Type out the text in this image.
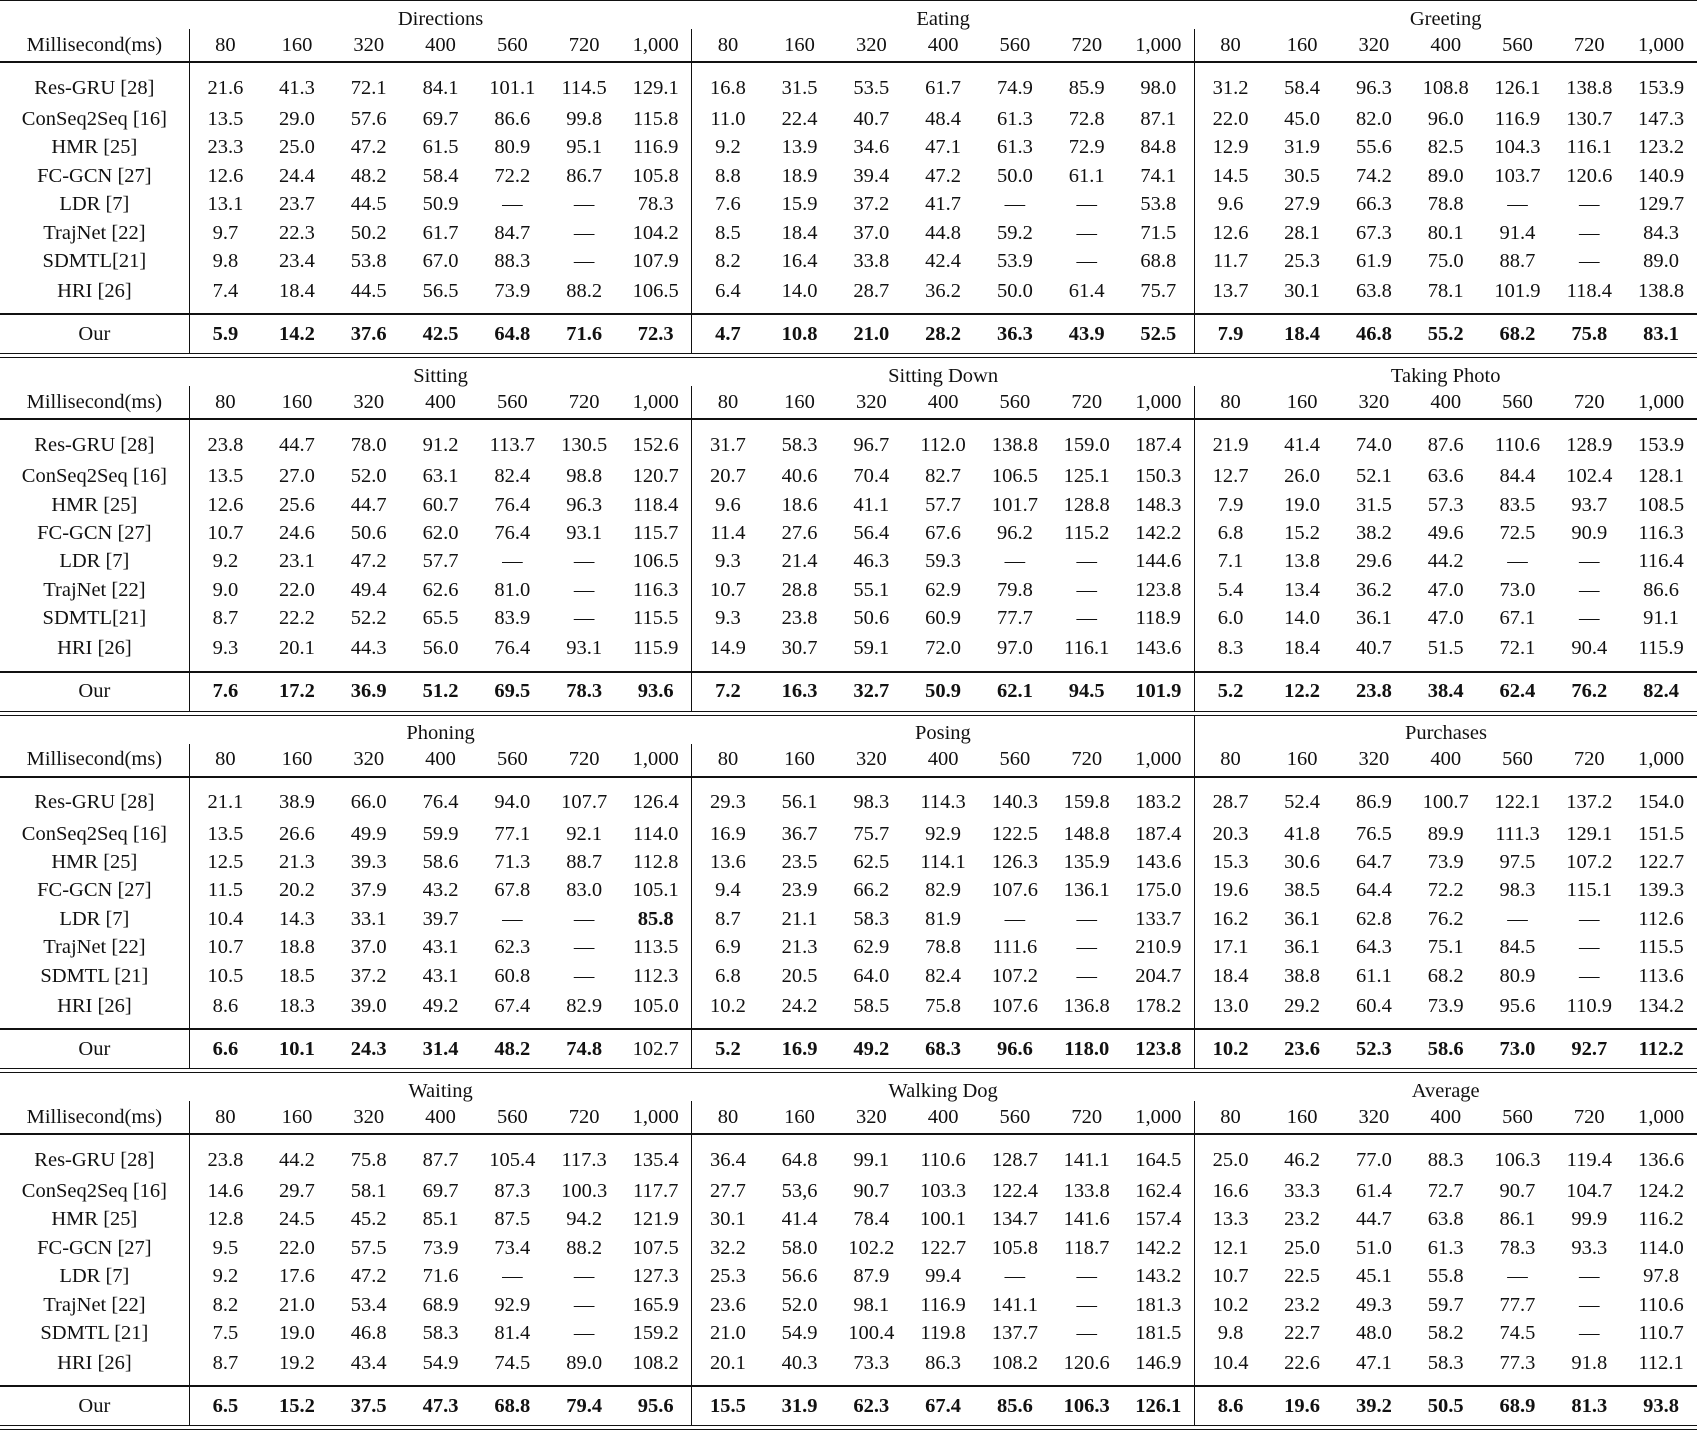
	Directions							Eating							Greeting						
Millisecond(ms)	80	160	320	400	560	720	1,000	80	160	320	400	560	720	1,000	80	160	320	400	560	720	1,000
Res-GRU [28]	21.6	41.3	72.1	84.1	101.1	114.5	129.1	16.8	31.5	53.5	61.7	74.9	85.9	98.0	31.2	58.4	96.3	108.8	126.1	138.8	153.9
ConSeq2Seq [16]	13.5	29.0	57.6	69.7	86.6	99.8	115.8	11.0	22.4	40.7	48.4	61.3	72.8	87.1	22.0	45.0	82.0	96.0	116.9	130.7	147.3
HMR [25]	23.3	25.0	47.2	61.5	80.9	95.1	116.9	9.2	13.9	34.6	47.1	61.3	72.9	84.8	12.9	31.9	55.6	82.5	104.3	116.1	123.2
FC-GCN [27]	12.6	24.4	48.2	58.4	72.2	86.7	105.8	8.8	18.9	39.4	47.2	50.0	61.1	74.1	14.5	30.5	74.2	89.0	103.7	120.6	140.9
LDR [7]	13.1	23.7	44.5	50.9	—	—	78.3	7.6	15.9	37.2	41.7	—	—	53.8	9.6	27.9	66.3	78.8	—	—	129.7
TrajNet [22]	9.7	22.3	50.2	61.7	84.7	—	104.2	8.5	18.4	37.0	44.8	59.2	—	71.5	12.6	28.1	67.3	80.1	91.4	—	84.3
SDMTL[21]	9.8	23.4	53.8	67.0	88.3	—	107.9	8.2	16.4	33.8	42.4	53.9	—	68.8	11.7	25.3	61.9	75.0	88.7	—	89.0
HRI [26]	7.4	18.4	44.5	56.5	73.9	88.2	106.5	6.4	14.0	28.7	36.2	50.0	61.4	75.7	13.7	30.1	63.8	78.1	101.9	118.4	138.8
Our	5.9	14.2	37.6	42.5	64.8	71.6	72.3	4.7	10.8	21.0	28.2	36.3	43.9	52.5	7.9	18.4	46.8	55.2	68.2	75.8	83.1

	Sitting							Sitting Down							Taking Photo						
Millisecond(ms)	80	160	320	400	560	720	1,000	80	160	320	400	560	720	1,000	80	160	320	400	560	720	1,000
Res-GRU [28]	23.8	44.7	78.0	91.2	113.7	130.5	152.6	31.7	58.3	96.7	112.0	138.8	159.0	187.4	21.9	41.4	74.0	87.6	110.6	128.9	153.9
ConSeq2Seq [16]	13.5	27.0	52.0	63.1	82.4	98.8	120.7	20.7	40.6	70.4	82.7	106.5	125.1	150.3	12.7	26.0	52.1	63.6	84.4	102.4	128.1
HMR [25]	12.6	25.6	44.7	60.7	76.4	96.3	118.4	9.6	18.6	41.1	57.7	101.7	128.8	148.3	7.9	19.0	31.5	57.3	83.5	93.7	108.5
FC-GCN [27]	10.7	24.6	50.6	62.0	76.4	93.1	115.7	11.4	27.6	56.4	67.6	96.2	115.2	142.2	6.8	15.2	38.2	49.6	72.5	90.9	116.3
LDR [7]	9.2	23.1	47.2	57.7	—	—	106.5	9.3	21.4	46.3	59.3	—	—	144.6	7.1	13.8	29.6	44.2	—	—	116.4
TrajNet [22]	9.0	22.0	49.4	62.6	81.0	—	116.3	10.7	28.8	55.1	62.9	79.8	—	123.8	5.4	13.4	36.2	47.0	73.0	—	86.6
SDMTL[21]	8.7	22.2	52.2	65.5	83.9	—	115.5	9.3	23.8	50.6	60.9	77.7	—	118.9	6.0	14.0	36.1	47.0	67.1	—	91.1
HRI [26]	9.3	20.1	44.3	56.0	76.4	93.1	115.9	14.9	30.7	59.1	72.0	97.0	116.1	143.6	8.3	18.4	40.7	51.5	72.1	90.4	115.9
Our	7.6	17.2	36.9	51.2	69.5	78.3	93.6	7.2	16.3	32.7	50.9	62.1	94.5	101.9	5.2	12.2	23.8	38.4	62.4	76.2	82.4

	Phoning							Posing							Purchases						
Millisecond(ms)	80	160	320	400	560	720	1,000	80	160	320	400	560	720	1,000	80	160	320	400	560	720	1,000
Res-GRU [28]	21.1	38.9	66.0	76.4	94.0	107.7	126.4	29.3	56.1	98.3	114.3	140.3	159.8	183.2	28.7	52.4	86.9	100.7	122.1	137.2	154.0
ConSeq2Seq [16]	13.5	26.6	49.9	59.9	77.1	92.1	114.0	16.9	36.7	75.7	92.9	122.5	148.8	187.4	20.3	41.8	76.5	89.9	111.3	129.1	151.5
HMR [25]	12.5	21.3	39.3	58.6	71.3	88.7	112.8	13.6	23.5	62.5	114.1	126.3	135.9	143.6	15.3	30.6	64.7	73.9	97.5	107.2	122.7
FC-GCN [27]	11.5	20.2	37.9	43.2	67.8	83.0	105.1	9.4	23.9	66.2	82.9	107.6	136.1	175.0	19.6	38.5	64.4	72.2	98.3	115.1	139.3
LDR [7]	10.4	14.3	33.1	39.7	—	—	85.8	8.7	21.1	58.3	81.9	—	—	133.7	16.2	36.1	62.8	76.2	—	—	112.6
TrajNet [22]	10.7	18.8	37.0	43.1	62.3	—	113.5	6.9	21.3	62.9	78.8	111.6	—	210.9	17.1	36.1	64.3	75.1	84.5	—	115.5
SDMTL [21]	10.5	18.5	37.2	43.1	60.8	—	112.3	6.8	20.5	64.0	82.4	107.2	—	204.7	18.4	38.8	61.1	68.2	80.9	—	113.6
HRI [26]	8.6	18.3	39.0	49.2	67.4	82.9	105.0	10.2	24.2	58.5	75.8	107.6	136.8	178.2	13.0	29.2	60.4	73.9	95.6	110.9	134.2
Our	6.6	10.1	24.3	31.4	48.2	74.8	102.7	5.2	16.9	49.2	68.3	96.6	118.0	123.8	10.2	23.6	52.3	58.6	73.0	92.7	112.2

	Waiting							Walking Dog							Average						
Millisecond(ms)	80	160	320	400	560	720	1,000	80	160	320	400	560	720	1,000	80	160	320	400	560	720	1,000
Res-GRU [28]	23.8	44.2	75.8	87.7	105.4	117.3	135.4	36.4	64.8	99.1	110.6	128.7	141.1	164.5	25.0	46.2	77.0	88.3	106.3	119.4	136.6
ConSeq2Seq [16]	14.6	29.7	58.1	69.7	87.3	100.3	117.7	27.7	53,6	90.7	103.3	122.4	133.8	162.4	16.6	33.3	61.4	72.7	90.7	104.7	124.2
HMR [25]	12.8	24.5	45.2	85.1	87.5	94.2	121.9	30.1	41.4	78.4	100.1	134.7	141.6	157.4	13.3	23.2	44.7	63.8	86.1	99.9	116.2
FC-GCN [27]	9.5	22.0	57.5	73.9	73.4	88.2	107.5	32.2	58.0	102.2	122.7	105.8	118.7	142.2	12.1	25.0	51.0	61.3	78.3	93.3	114.0
LDR [7]	9.2	17.6	47.2	71.6	—	—	127.3	25.3	56.6	87.9	99.4	—	—	143.2	10.7	22.5	45.1	55.8	—	—	97.8
TrajNet [22]	8.2	21.0	53.4	68.9	92.9	—	165.9	23.6	52.0	98.1	116.9	141.1	—	181.3	10.2	23.2	49.3	59.7	77.7	—	110.6
SDMTL [21]	7.5	19.0	46.8	58.3	81.4	—	159.2	21.0	54.9	100.4	119.8	137.7	—	181.5	9.8	22.7	48.0	58.2	74.5	—	110.7
HRI [26]	8.7	19.2	43.4	54.9	74.5	89.0	108.2	20.1	40.3	73.3	86.3	108.2	120.6	146.9	10.4	22.6	47.1	58.3	77.3	91.8	112.1
Our	6.5	15.2	37.5	47.3	68.8	79.4	95.6	15.5	31.9	62.3	67.4	85.6	106.3	126.1	8.6	19.6	39.2	50.5	68.9	81.3	93.8
